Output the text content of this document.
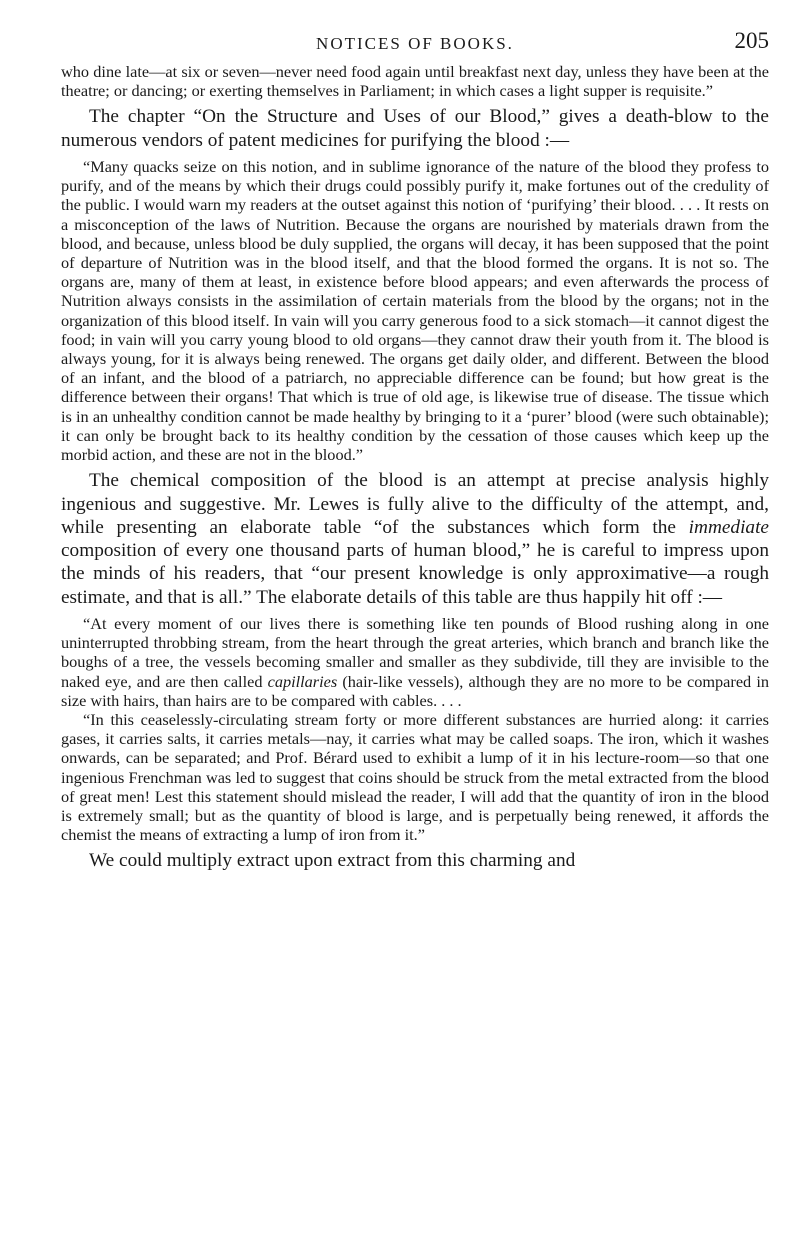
NOTICES OF BOOKS.	205

who dine late—at six or seven—never need food again until breakfast next day, unless they have been at the theatre; or dancing; or exerting themselves in Parliament; in which cases a light supper is requisite.”

The chapter “On the Structure and Uses of our Blood,” gives a death-blow to the numerous vendors of patent medicines for purifying the blood :—

“Many quacks seize on this notion, and in sublime ignorance of the nature of the blood they profess to purify, and of the means by which their drugs could possibly purify it, make fortunes out of the credulity of the public. I would warn my readers at the outset against this notion of ‘purifying’ their blood. . . . It rests on a misconception of the laws of Nutrition. Because the organs are nourished by materials drawn from the blood, and because, unless blood be duly supplied, the organs will decay, it has been supposed that the point of departure of Nutrition was in the blood itself, and that the blood formed the organs. It is not so. The organs are, many of them at least, in existence before blood appears; and even afterwards the process of Nutrition always consists in the assimilation of certain materials from the blood by the organs; not in the organization of this blood itself. In vain will you carry generous food to a sick stomach—it cannot digest the food; in vain will you carry young blood to old organs—they cannot draw their youth from it. The blood is always young, for it is always being renewed. The organs get daily older, and different. Between the blood of an infant, and the blood of a patriarch, no appreciable difference can be found; but how great is the difference between their organs! That which is true of old age, is likewise true of disease. The tissue which is in an unhealthy condition cannot be made healthy by bringing to it a ‘purer’ blood (were such obtainable); it can only be brought back to its healthy condition by the cessation of those causes which keep up the morbid action, and these are not in the blood.”

The chemical composition of the blood is an attempt at precise analysis highly ingenious and suggestive. Mr. Lewes is fully alive to the difficulty of the attempt, and, while presenting an elaborate table “of the substances which form the immediate composition of every one thousand parts of human blood,” he is careful to impress upon the minds of his readers, that “our present knowledge is only approximative—a rough estimate, and that is all.” The elaborate details of this table are thus happily hit off :—

“At every moment of our lives there is something like ten pounds of Blood rushing along in one uninterrupted throbbing stream, from the heart through the great arteries, which branch and branch like the boughs of a tree, the vessels becoming smaller and smaller as they subdivide, till they are invisible to the naked eye, and are then called capillaries (hair-like vessels), although they are no more to be compared in size with hairs, than hairs are to be compared with cables. . . .

“In this ceaselessly-circulating stream forty or more different substances are hurried along: it carries gases, it carries salts, it carries metals—nay, it carries what may be called soaps. The iron, which it washes onwards, can be separated; and Prof. Bérard used to exhibit a lump of it in his lecture-room—so that one ingenious Frenchman was led to suggest that coins should be struck from the metal extracted from the blood of great men! Lest this statement should mislead the reader, I will add that the quantity of iron in the blood is extremely small; but as the quantity of blood is large, and is perpetually being renewed, it affords the chemist the means of extracting a lump of iron from it.”

We could multiply extract upon extract from this charming and
